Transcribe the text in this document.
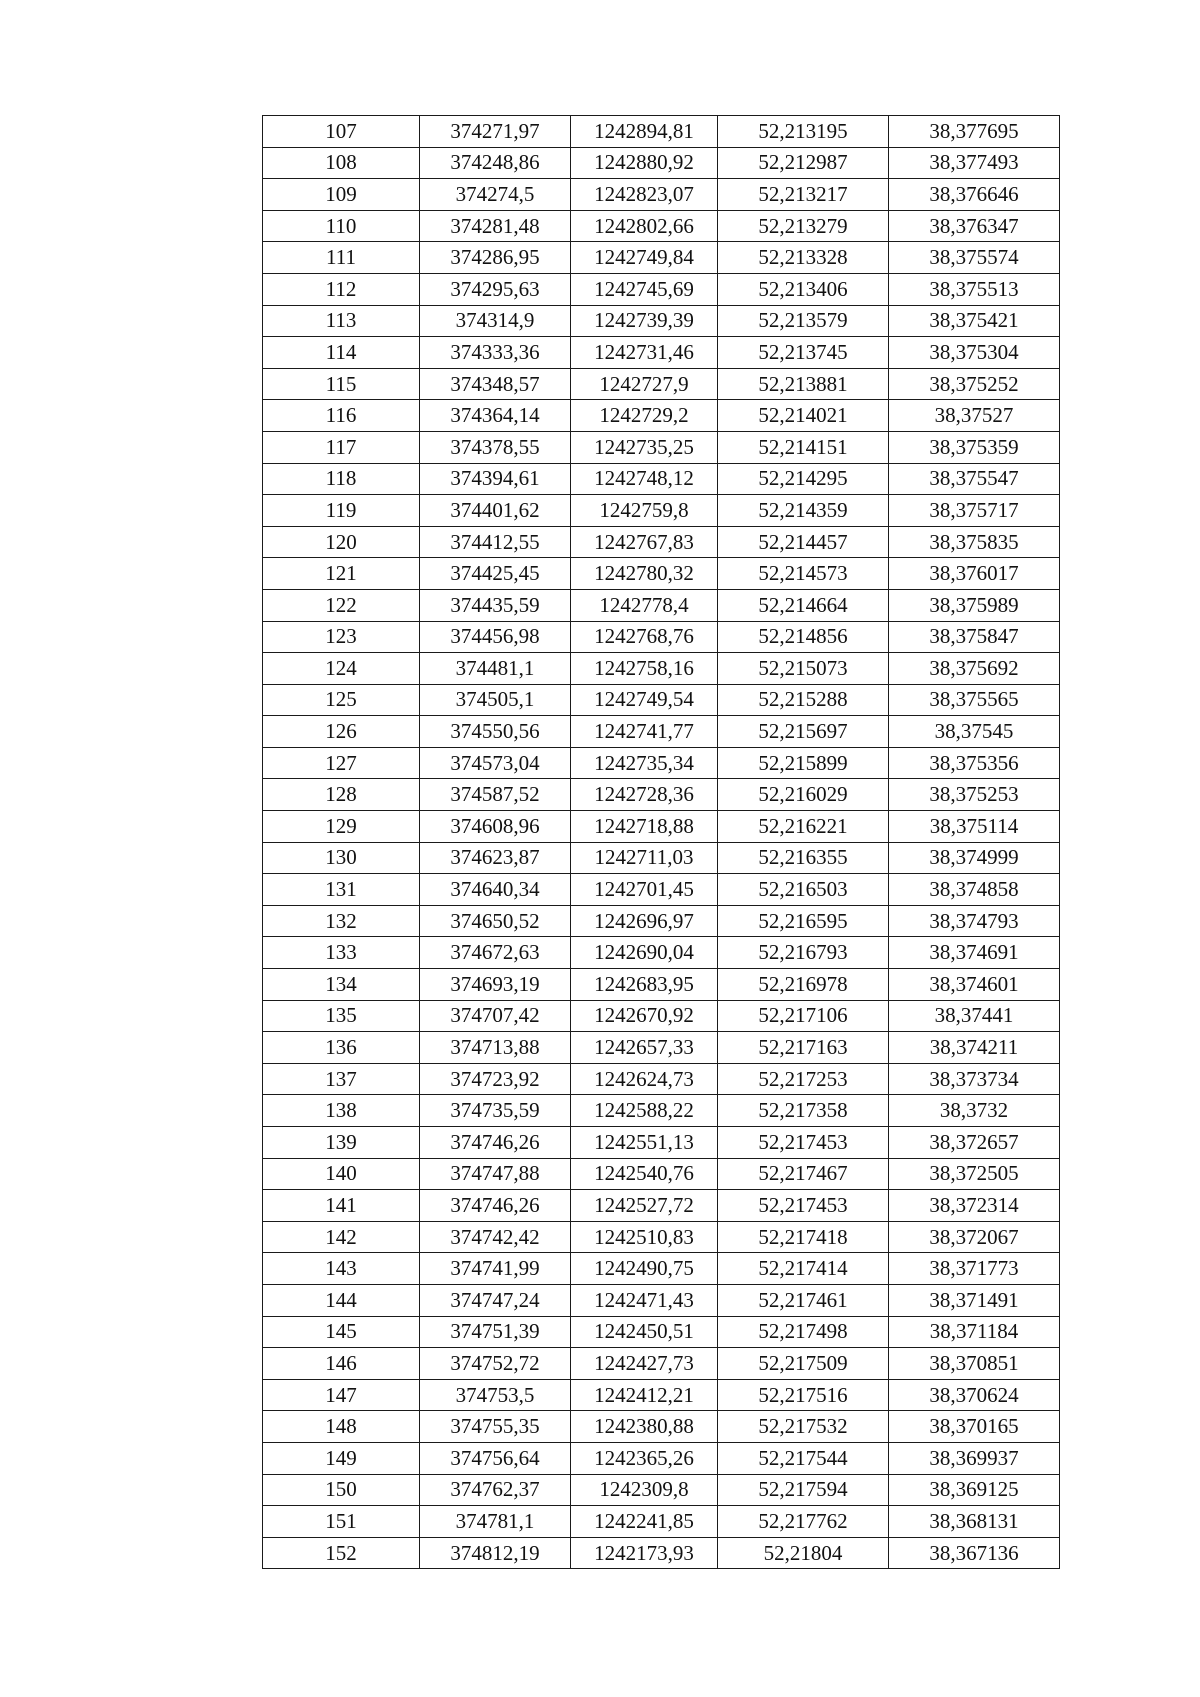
107	374271,97	1242894,81	52,213195	38,377695
108	374248,86	1242880,92	52,212987	38,377493
109	374274,5	1242823,07	52,213217	38,376646
110	374281,48	1242802,66	52,213279	38,376347
111	374286,95	1242749,84	52,213328	38,375574
112	374295,63	1242745,69	52,213406	38,375513
113	374314,9	1242739,39	52,213579	38,375421
114	374333,36	1242731,46	52,213745	38,375304
115	374348,57	1242727,9	52,213881	38,375252
116	374364,14	1242729,2	52,214021	38,37527
117	374378,55	1242735,25	52,214151	38,375359
118	374394,61	1242748,12	52,214295	38,375547
119	374401,62	1242759,8	52,214359	38,375717
120	374412,55	1242767,83	52,214457	38,375835
121	374425,45	1242780,32	52,214573	38,376017
122	374435,59	1242778,4	52,214664	38,375989
123	374456,98	1242768,76	52,214856	38,375847
124	374481,1	1242758,16	52,215073	38,375692
125	374505,1	1242749,54	52,215288	38,375565
126	374550,56	1242741,77	52,215697	38,37545
127	374573,04	1242735,34	52,215899	38,375356
128	374587,52	1242728,36	52,216029	38,375253
129	374608,96	1242718,88	52,216221	38,375114
130	374623,87	1242711,03	52,216355	38,374999
131	374640,34	1242701,45	52,216503	38,374858
132	374650,52	1242696,97	52,216595	38,374793
133	374672,63	1242690,04	52,216793	38,374691
134	374693,19	1242683,95	52,216978	38,374601
135	374707,42	1242670,92	52,217106	38,37441
136	374713,88	1242657,33	52,217163	38,374211
137	374723,92	1242624,73	52,217253	38,373734
138	374735,59	1242588,22	52,217358	38,3732
139	374746,26	1242551,13	52,217453	38,372657
140	374747,88	1242540,76	52,217467	38,372505
141	374746,26	1242527,72	52,217453	38,372314
142	374742,42	1242510,83	52,217418	38,372067
143	374741,99	1242490,75	52,217414	38,371773
144	374747,24	1242471,43	52,217461	38,371491
145	374751,39	1242450,51	52,217498	38,371184
146	374752,72	1242427,73	52,217509	38,370851
147	374753,5	1242412,21	52,217516	38,370624
148	374755,35	1242380,88	52,217532	38,370165
149	374756,64	1242365,26	52,217544	38,369937
150	374762,37	1242309,8	52,217594	38,369125
151	374781,1	1242241,85	52,217762	38,368131
152	374812,19	1242173,93	52,21804	38,367136
